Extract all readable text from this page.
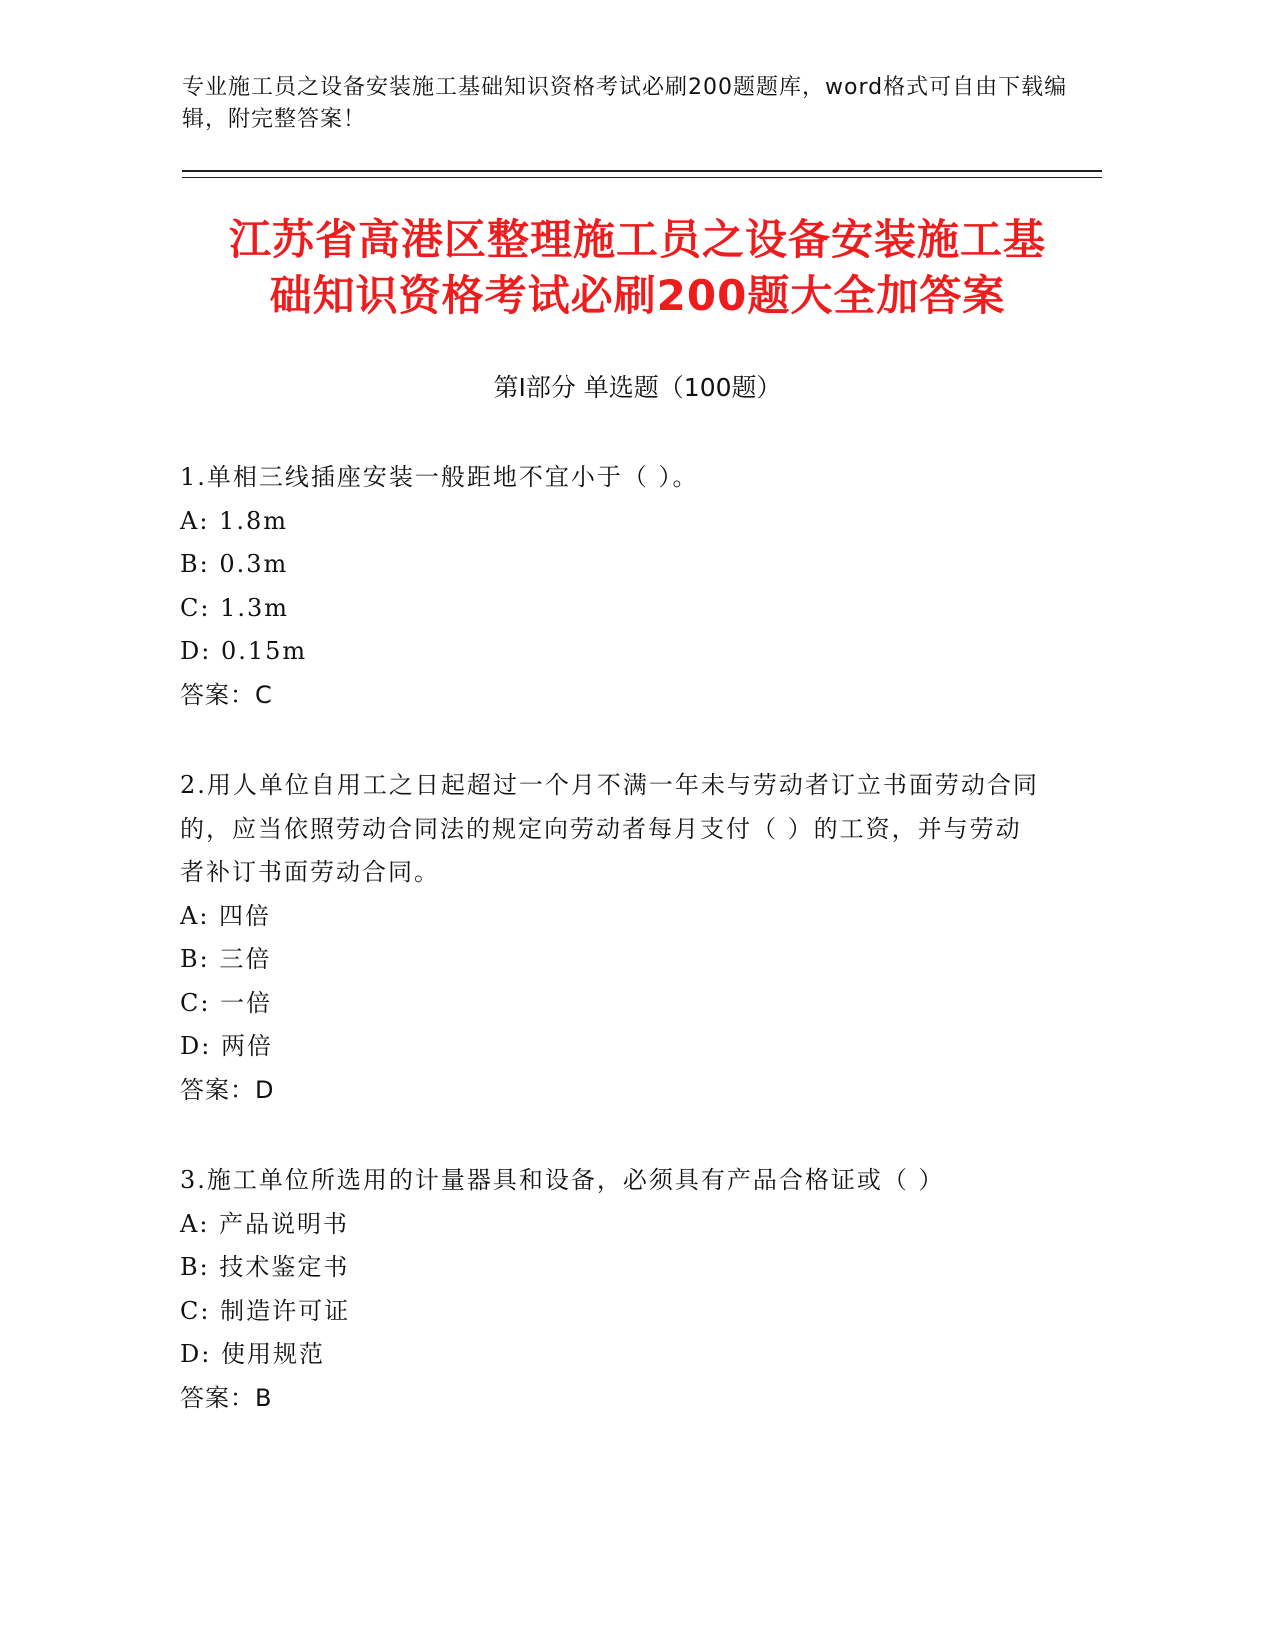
专业施工员之设备安装施工基础知识资格考试必刷200题题库，word格式可自由下载编辑，附完整答案！
江苏省高港区整理施工员之设备安装施工基
础知识资格考试必刷200题大全加答案
第Ⅰ部分 单选题（100题）
1.单相三线插座安装一般距地不宜小于（ ）。
A: 1.8m
B: 0.3m
C: 1.3m
D: 0.15m
答案：C
2.用人单位自用工之日起超过一个月不满一年未与劳动者订立书面劳动合同的，应当依照劳动合同法的规定向劳动者每月支付（ ）的工资，并与劳动者补订书面劳动合同。
A: 四倍
B: 三倍
C: 一倍
D: 两倍
答案：D
3.施工单位所选用的计量器具和设备，必须具有产品合格证或（ ）
A: 产品说明书
B: 技术鉴定书
C: 制造许可证
D: 使用规范
答案：B
